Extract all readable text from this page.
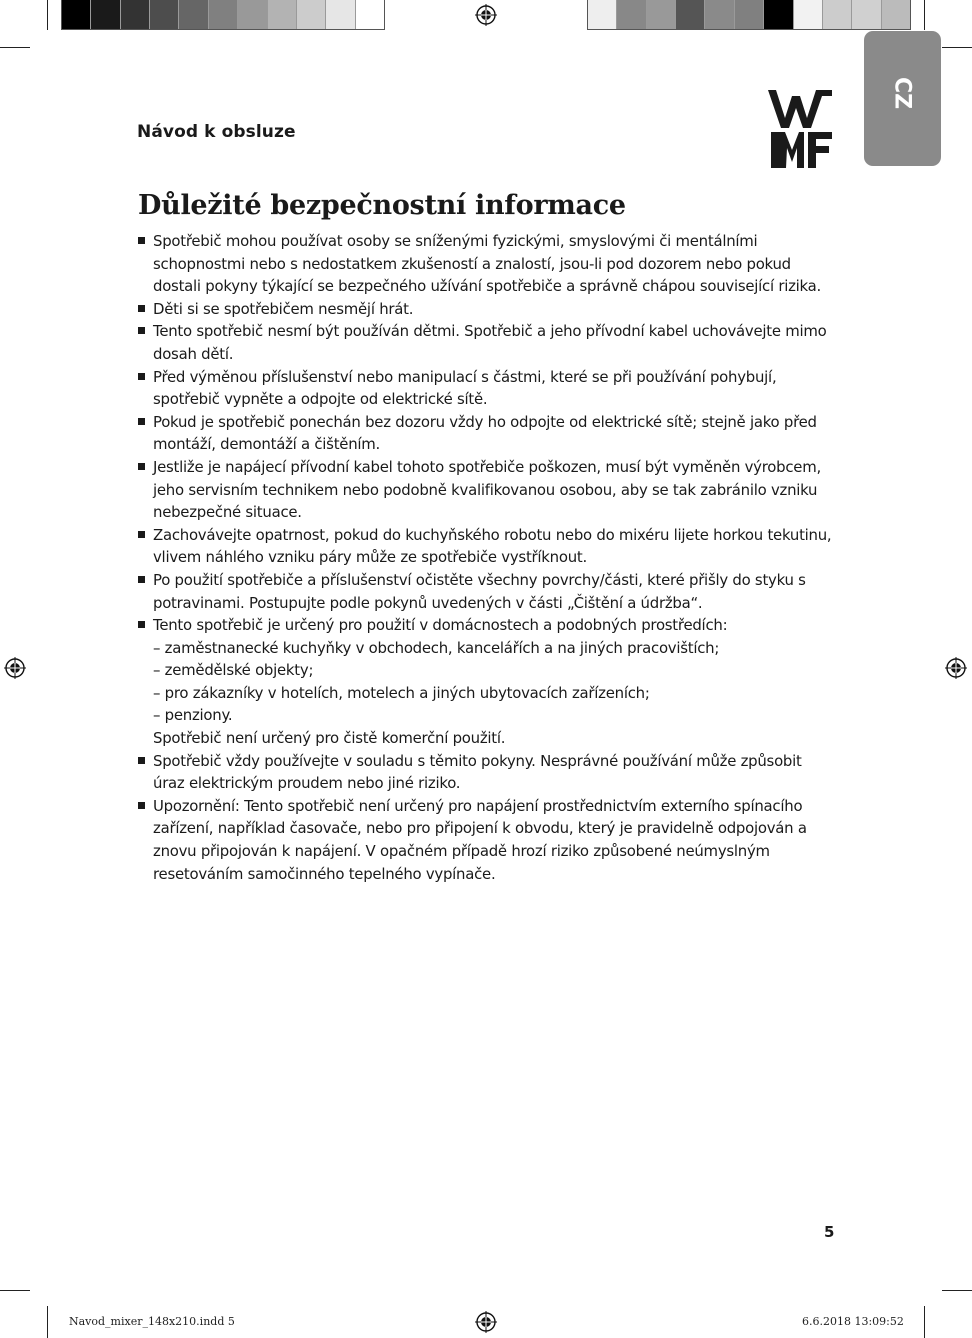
Návod k obsluze
CZ
Důležité bezpečnostní informace
Spotřebič mohou používat osoby se sníženými fyzickými, smyslovými či mentálními schopnostmi nebo s nedostatkem zkušeností a znalostí, jsou-li pod dozorem nebo pokud dostali pokyny týkající se bezpečného užívání spotřebiče a správně chápou související rizika.
Děti si se spotřebičem nesmějí hrát.
Tento spotřebič nesmí být používán dětmi. Spotřebič a jeho přívodní kabel uchovávejte mimo dosah dětí.
Před výměnou příslušenství nebo manipulací s částmi, které se při používání pohybují, spotřebič vypněte a odpojte od elektrické sítě.
Pokud je spotřebič ponechán bez dozoru vždy ho odpojte od elektrické sítě; stejně jako před montáží, demontáží a čištěním.
Jestliže je napájecí přívodní kabel tohoto spotřebiče poškozen, musí být vyměněn výrobcem, jeho servisním technikem nebo podobně kvalifikovanou osobou, aby se tak zabránilo vzniku nebezpečné situace.
Zachovávejte opatrnost, pokud do kuchyňského robotu nebo do mixéru lijete horkou tekutinu, vlivem náhlého vzniku páry může ze spotřebiče vystříknout.
Po použití spotřebiče a příslušenství očistěte všechny povrchy/části, které přišly do styku s potravinami. Postupujte podle pokynů uvedených v části „Čištění a údržba“.
Tento spotřebič je určený pro použití v domácnostech a podobných prostředích:
– zaměstnanecké kuchyňky v obchodech, kancelářích a na jiných pracovištích;
– zemědělské objekty;
– pro zákazníky v hotelích, motelech a jiných ubytovacích zařízeních;
– penziony.
Spotřebič není určený pro čistě komerční použití.
Spotřebič vždy používejte v souladu s těmito pokyny. Nesprávné používání může způsobit úraz elektrickým proudem nebo jiné riziko.
Upozornění: Tento spotřebič není určený pro napájení prostřednictvím externího spínacího zařízení, například časovače, nebo pro připojení k obvodu, který je pravidelně odpojován a znovu připojován k napájení. V opačném případě hrozí riziko způsobené neúmyslným resetováním samočinného tepelného vypínače.
5
Navod_mixer_148x210.indd 5	6.6.2018 13:09:52
